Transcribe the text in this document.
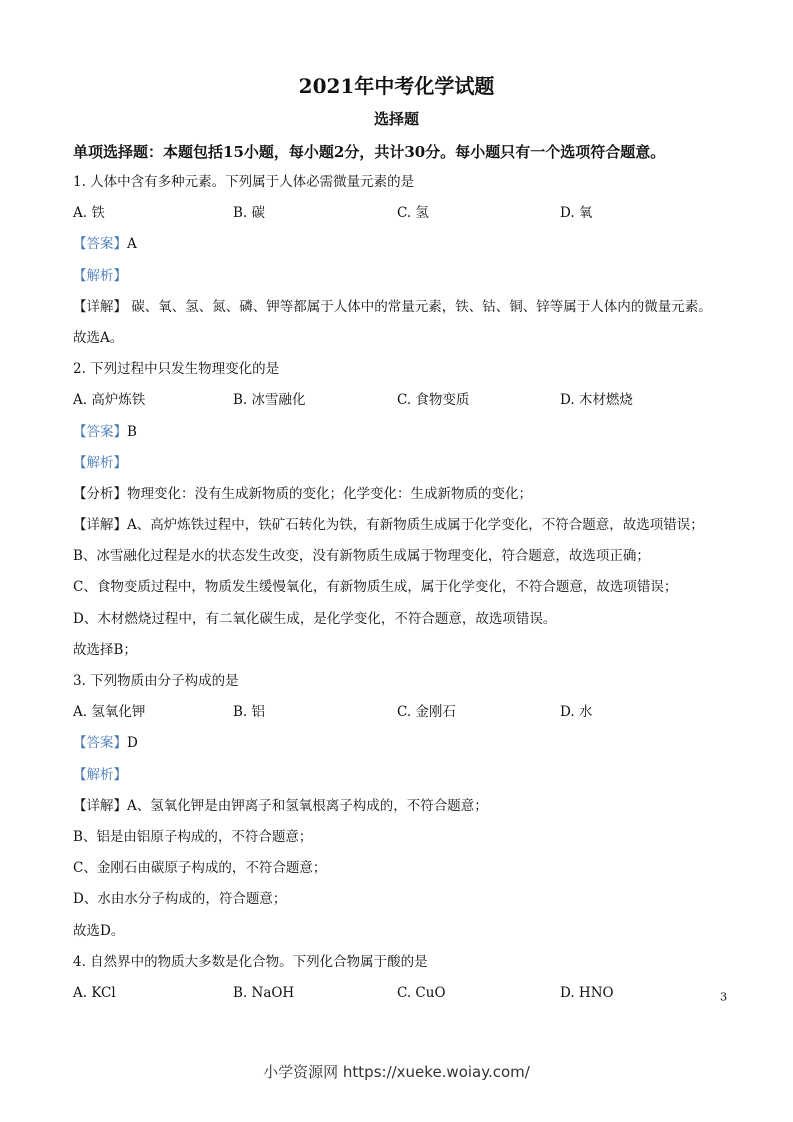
2021年中考化学试题
选择题
单项选择题：本题包括15小题，每小题2分，共计30分。每小题只有一个选项符合题意。
1. 人体中含有多种元素。下列属于人体必需微量元素的是
A. 铁	B. 碳	C. 氢	D. 氧
【答案】A
【解析】
【详解】 碳、氧、氢、氮、磷、钾等都属于人体中的常量元素，铁、钴、铜、锌等属于人体内的微量元素。
故选A。
2. 下列过程中只发生物理变化的是
A. 高炉炼铁	B. 冰雪融化	C. 食物变质	D. 木材燃烧
【答案】B
【解析】
【分析】物理变化：没有生成新物质的变化；化学变化：生成新物质的变化；
【详解】A、高炉炼铁过程中，铁矿石转化为铁，有新物质生成属于化学变化，不符合题意，故选项错误；
B、冰雪融化过程是水的状态发生改变，没有新物质生成属于物理变化，符合题意，故选项正确；
C、食物变质过程中，物质发生缓慢氧化，有新物质生成，属于化学变化，不符合题意，故选项错误；
D、木材燃烧过程中，有二氧化碳生成，是化学变化，不符合题意，故选项错误。
故选择B；
3. 下列物质由分子构成的是
A. 氢氧化钾	B. 铝	C. 金刚石	D. 水
【答案】D
【解析】
【详解】A、氢氧化钾是由钾离子和氢氧根离子构成的，不符合题意；
B、铝是由铝原子构成的，不符合题意；
C、金刚石由碳原子构成的，不符合题意；
D、水由水分子构成的，符合题意；
故选D。
4. 自然界中的物质大多数是化合物。下列化合物属于酸的是
A. KCl	B. NaOH	C. CuO	D. HNO	$_3$
小学资源网 https://xueke.woiay.com/
